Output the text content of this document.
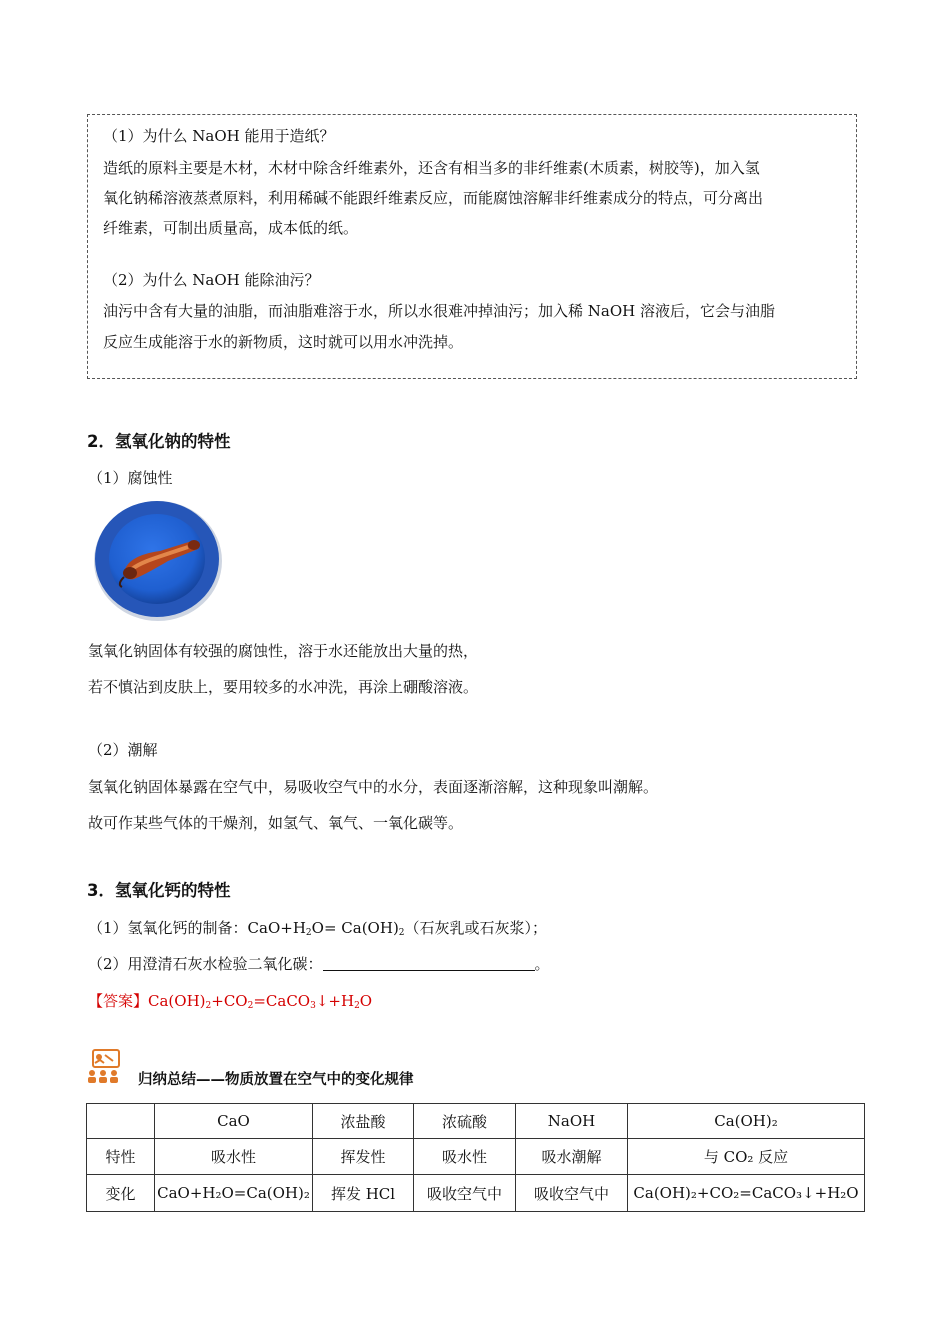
（1）为什么 NaOH 能用于造纸？
造纸的原料主要是木材，木材中除含纤维素外，还含有相当多的非纤维素(木质素，树胶等)，加入氢
氧化钠稀溶液蒸煮原料，利用稀碱不能跟纤维素反应，而能腐蚀溶解非纤维素成分的特点，可分离出
纤维素，可制出质量高，成本低的纸。
（2）为什么 NaOH 能除油污？
油污中含有大量的油脂，而油脂难溶于水，所以水很难冲掉油污；加入稀 NaOH 溶液后，它会与油脂
反应生成能溶于水的新物质，这时就可以用水冲洗掉。
2．氢氧化钠的特性
（1）腐蚀性
氢氧化钠固体有较强的腐蚀性，溶于水还能放出大量的热，
若不慎沾到皮肤上，要用较多的水冲洗，再涂上硼酸溶液。
（2）潮解
氢氧化钠固体暴露在空气中，易吸收空气中的水分，表面逐渐溶解，这种现象叫潮解。
故可作某些气体的干燥剂，如氢气、氧气、一氧化碳等。
3．氢氧化钙的特性
（1）氢氧化钙的制备：$CaO+H_2O= Ca(OH)_2$（石灰乳或石灰浆）；
（2）用澄清石灰水检验二氧化碳：	。
【答案】$Ca(OH)_2+CO_2=CaCO_3↓+H_2O$
归纳总结——物质放置在空气中的变化规律
	CaO	浓盐酸	浓硫酸	NaOH	Ca(OH)₂
特性	吸水性	挥发性	吸水性	吸水潮解	与 CO₂ 反应
变化	CaO+H₂O=Ca(OH)₂	挥发 HCl	吸收空气中	吸收空气中	Ca(OH)₂+CO₂=CaCO₃↓+H₂O
